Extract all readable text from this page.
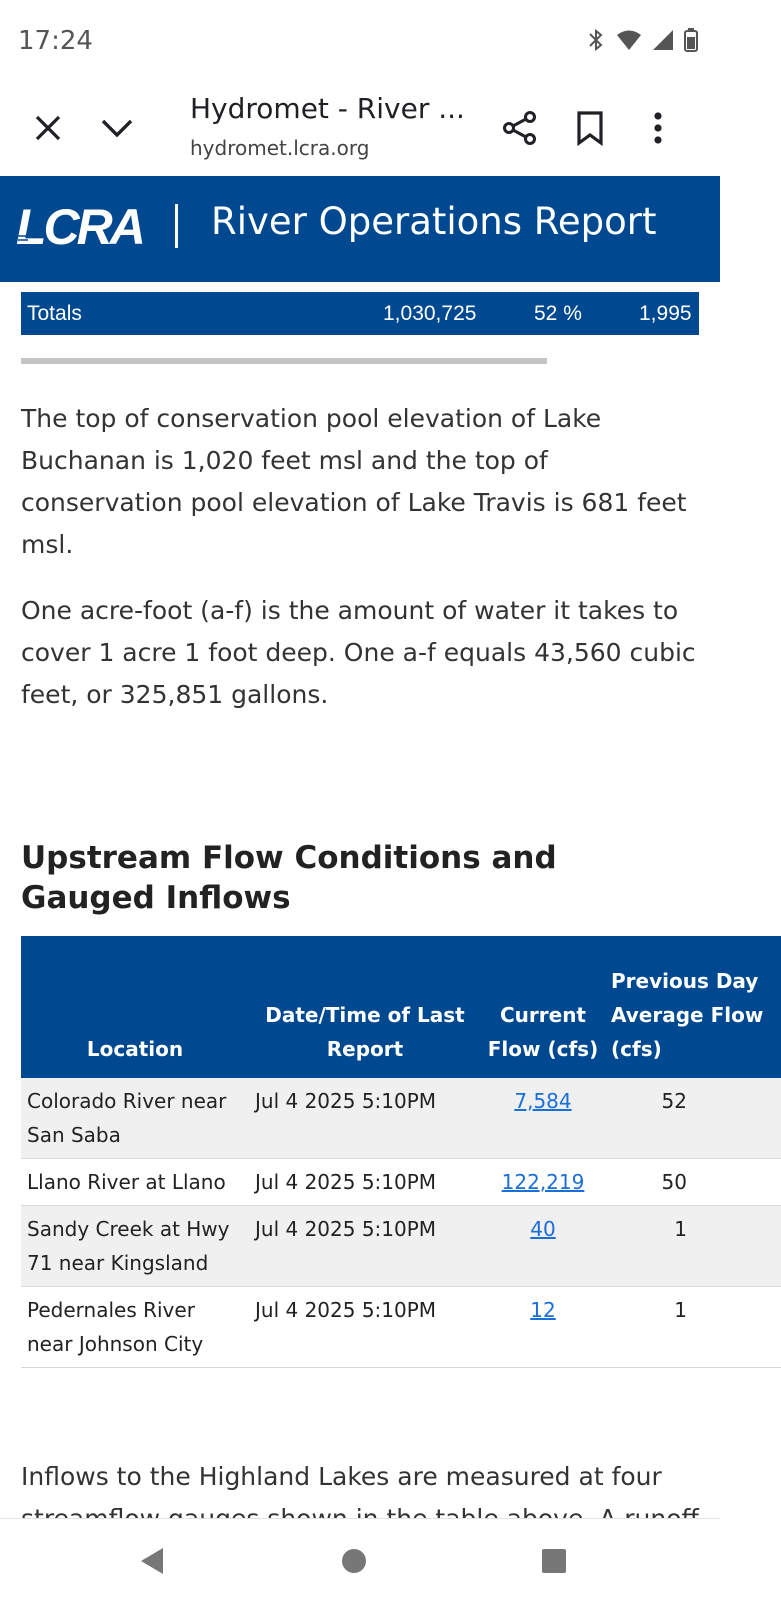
17:24
Hydromet - River ...
hydromet.lcra.org
LCRA River Operations Report
Totals	1,030,725	52 %	1,995

The top of conservation pool elevation of Lake Buchanan is 1,020 feet msl and the top of conservation pool elevation of Lake Travis is 681 feet msl.

One acre-foot (a-f) is the amount of water it takes to cover 1 acre 1 foot deep. One a-f equals 43,560 cubic feet, or 325,851 gallons.

Upstream Flow Conditions and Gauged Inflows
Location	Date/Time of Last Report	Current Flow (cfs)	Previous Day Average Flow (cfs)
Colorado River near San Saba	Jul 4 2025 5:10PM	7,584	52
Llano River at Llano	Jul 4 2025 5:10PM	122,219	50
Sandy Creek at Hwy 71 near Kingsland	Jul 4 2025 5:10PM	40	1
Pedernales River near Johnson City	Jul 4 2025 5:10PM	12	1

Inflows to the Highland Lakes are measured at four
